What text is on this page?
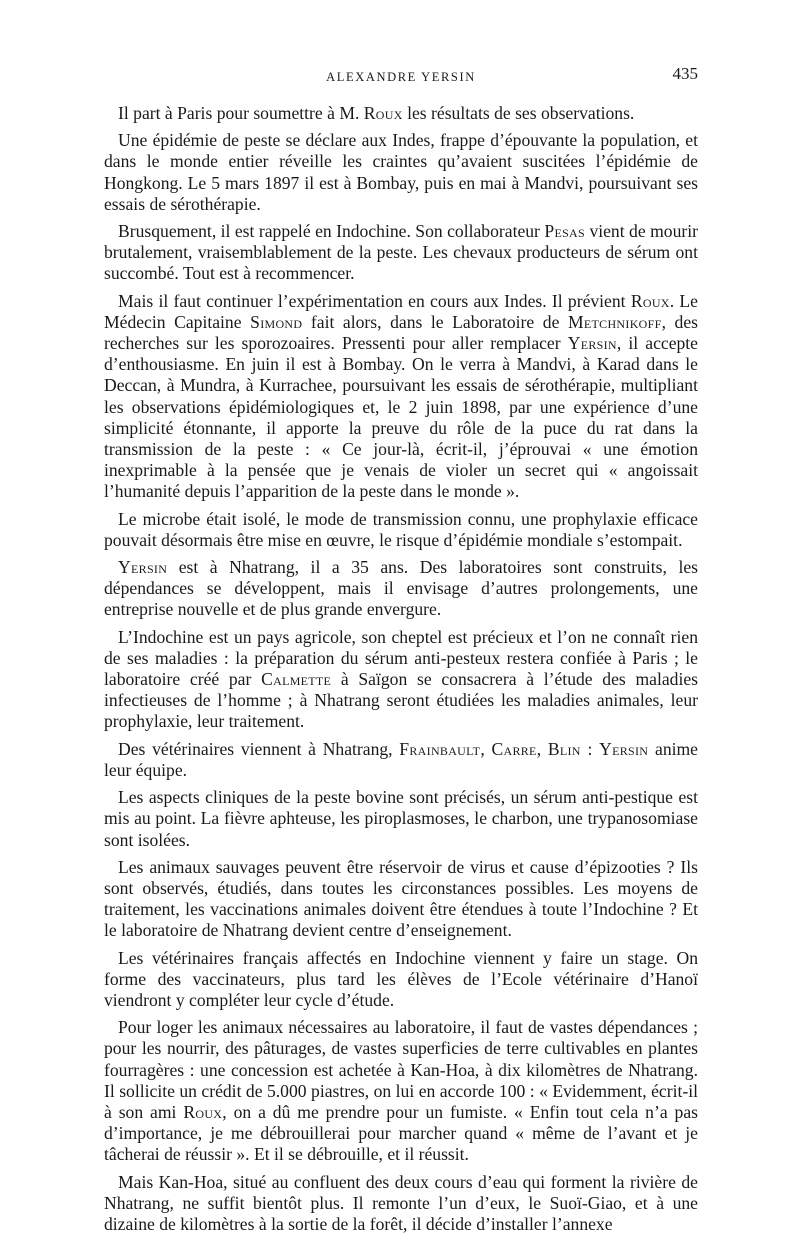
ALEXANDRE YERSIN	435

Il part à Paris pour soumettre à M. Roux les résultats de ses observations.

Une épidémie de peste se déclare aux Indes, frappe d’épouvante la population, et dans le monde entier réveille les craintes qu’avaient suscitées l’épidémie de Hongkong. Le 5 mars 1897 il est à Bombay, puis en mai à Mandvi, poursuivant ses essais de sérothérapie.

Brusquement, il est rappelé en Indochine. Son collaborateur Pesas vient de mourir brutalement, vraisemblablement de la peste. Les chevaux producteurs de sérum ont succombé. Tout est à recommencer.

Mais il faut continuer l’expérimentation en cours aux Indes. Il prévient Roux. Le Médecin Capitaine Simond fait alors, dans le Laboratoire de Metchnikoff, des recherches sur les sporozoaires. Pressenti pour aller remplacer Yersin, il accepte d’enthousiasme. En juin il est à Bombay. On le verra à Mandvi, à Karad dans le Deccan, à Mundra, à Kurrachee, poursuivant les essais de sérothérapie, multipliant les observations épidémiologiques et, le 2 juin 1898, par une expérience d’une simplicité étonnante, il apporte la preuve du rôle de la puce du rat dans la transmission de la peste : « Ce jour-là, écrit-il, j’éprouvai « une émotion inexprimable à la pensée que je venais de violer un secret qui « angoissait l’humanité depuis l’apparition de la peste dans le monde ».

Le microbe était isolé, le mode de transmission connu, une prophylaxie efficace pouvait désormais être mise en œuvre, le risque d’épidémie mondiale s’estompait.

Yersin est à Nhatrang, il a 35 ans. Des laboratoires sont construits, les dépendances se développent, mais il envisage d’autres prolongements, une entreprise nouvelle et de plus grande envergure.

L’Indochine est un pays agricole, son cheptel est précieux et l’on ne connaît rien de ses maladies : la préparation du sérum anti-pesteux restera confiée à Paris ; le laboratoire créé par Calmette à Saïgon se consacrera à l’étude des maladies infectieuses de l’homme ; à Nhatrang seront étudiées les maladies animales, leur prophylaxie, leur traitement.

Des vétérinaires viennent à Nhatrang, Frainbault, Carre, Blin : Yersin anime leur équipe.

Les aspects cliniques de la peste bovine sont précisés, un sérum anti-pestique est mis au point. La fièvre aphteuse, les piroplasmoses, le charbon, une trypanosomiase sont isolées.

Les animaux sauvages peuvent être réservoir de virus et cause d’épizooties ? Ils sont observés, étudiés, dans toutes les circonstances possibles. Les moyens de traitement, les vaccinations animales doivent être étendues à toute l’Indochine ? Et le laboratoire de Nhatrang devient centre d’enseignement.

Les vétérinaires français affectés en Indochine viennent y faire un stage. On forme des vaccinateurs, plus tard les élèves de l’Ecole vétérinaire d’Hanoï viendront y compléter leur cycle d’étude.

Pour loger les animaux nécessaires au laboratoire, il faut de vastes dépendances ; pour les nourrir, des pâturages, de vastes superficies de terre cultivables en plantes fourragères : une concession est achetée à Kan-Hoa, à dix kilomètres de Nhatrang. Il sollicite un crédit de 5.000 piastres, on lui en accorde 100 : « Evidemment, écrit-il à son ami Roux, on a dû me prendre pour un fumiste. « Enfin tout cela n’a pas d’importance, je me débrouillerai pour marcher quand « même de l’avant et je tâcherai de réussir ». Et il se débrouille, et il réussit.

Mais Kan-Hoa, situé au confluent des deux cours d’eau qui forment la rivière de Nhatrang, ne suffit bientôt plus. Il remonte l’un d’eux, le Suoï-Giao, et à une dizaine de kilomètres à la sortie de la forêt, il décide d’installer l’annexe
